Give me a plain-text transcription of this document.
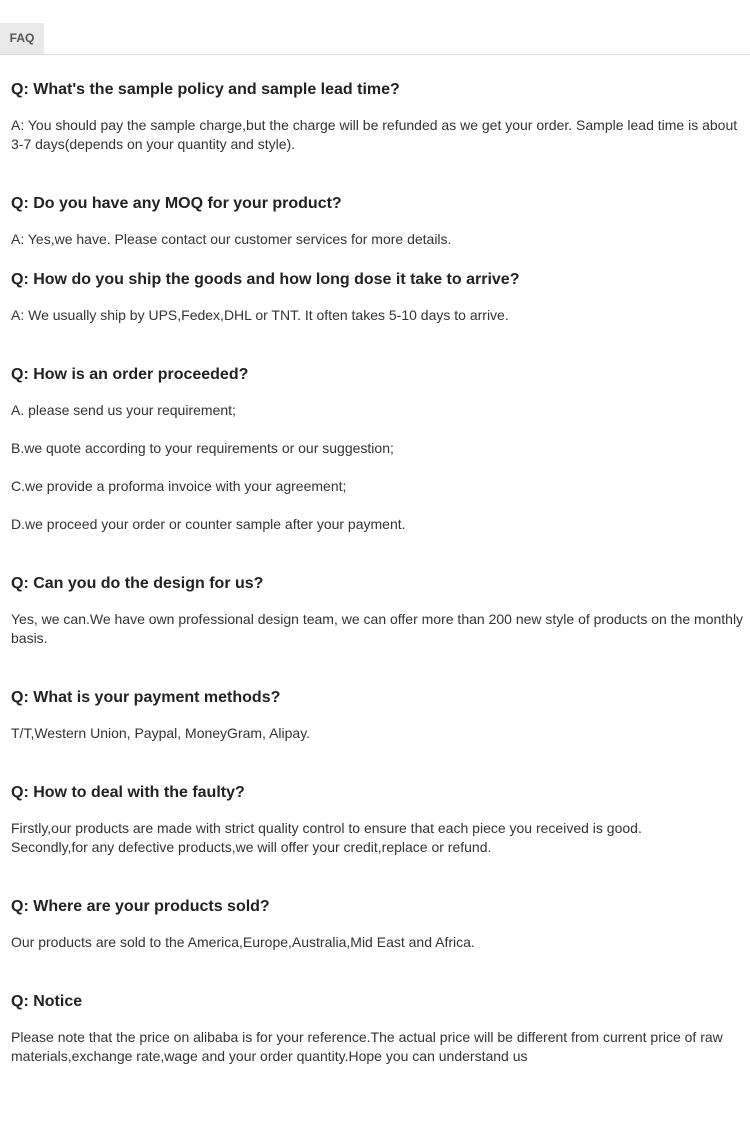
FAQ
Q: What's the sample policy and sample lead time?
A: You should pay the sample charge,but the charge will be refunded as we get your order. Sample lead time is about
3-7 days(depends on your quantity and style).
Q: Do you have any MOQ for your product?
A: Yes,we have. Please contact our customer services for more details.
Q: How do you ship the goods and how long dose it take to arrive?
A: We usually ship by UPS,Fedex,DHL or TNT. It often takes 5-10 days to arrive.
Q: How is an order proceeded?
A. please send us your requirement;
B.we quote according to your requirements or our suggestion;
C.we provide a proforma invoice with your agreement;
D.we proceed your order or counter sample after your payment.
Q: Can you do the design for us?
Yes, we can.We have own professional design team, we can offer more than 200 new style of products on the monthly
basis.
Q: What is your payment methods?
T/T,Western Union, Paypal, MoneyGram, Alipay.
Q: How to deal with the faulty?
Firstly,our products are made with strict quality control to ensure that each piece you received is good.
Secondly,for any defective products,we will offer your credit,replace or refund.
Q: Where are your products sold?
Our products are sold to the America,Europe,Australia,Mid East and Africa.
Q: Notice
Please note that the price on alibaba is for your reference.The actual price will be different from current price of raw
materials,exchange rate,wage and your order quantity.Hope you can understand us
